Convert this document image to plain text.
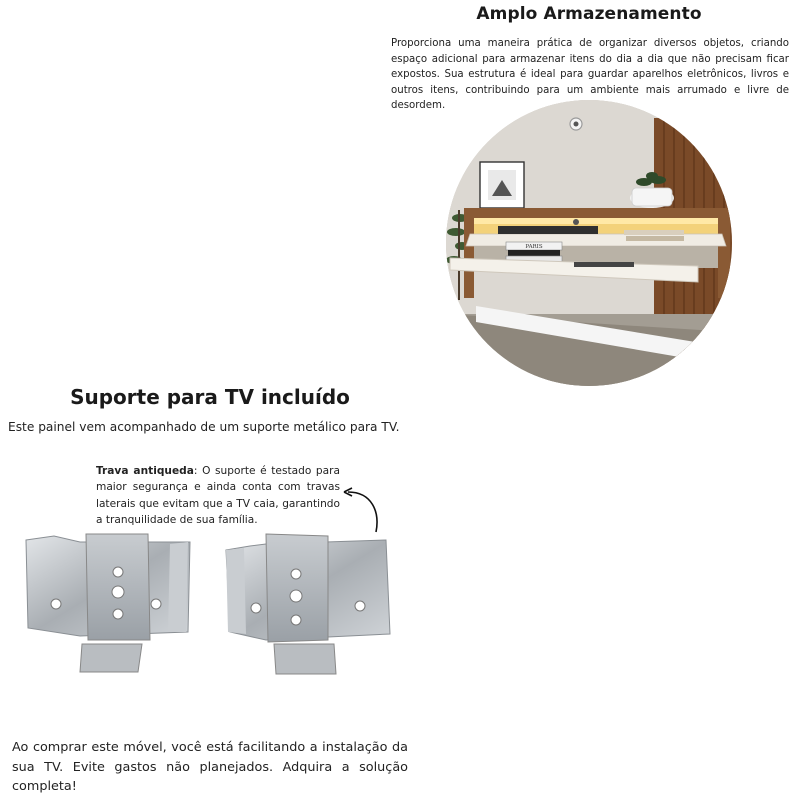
Amplo Armazenamento
Proporciona uma maneira prática de organizar diversos objetos, criando espaço adicional para armazenar itens do dia a dia que não precisam ficar expostos. Sua estrutura é ideal para guardar aparelhos eletrônicos, livros e outros itens, contribuindo para um ambiente mais arrumado e livre de desordem.
PARIS
Suporte para TV incluído
Este painel vem acompanhado de um suporte metálico para TV.
Trava antiqueda: O suporte é testado para maior segurança e ainda conta com travas laterais que evitam que a TV caia, garantindo a tranquilidade de sua família.
Ao comprar este móvel, você está facilitando a instalação da sua TV. Evite gastos não planejados. Adquira a solução completa!
